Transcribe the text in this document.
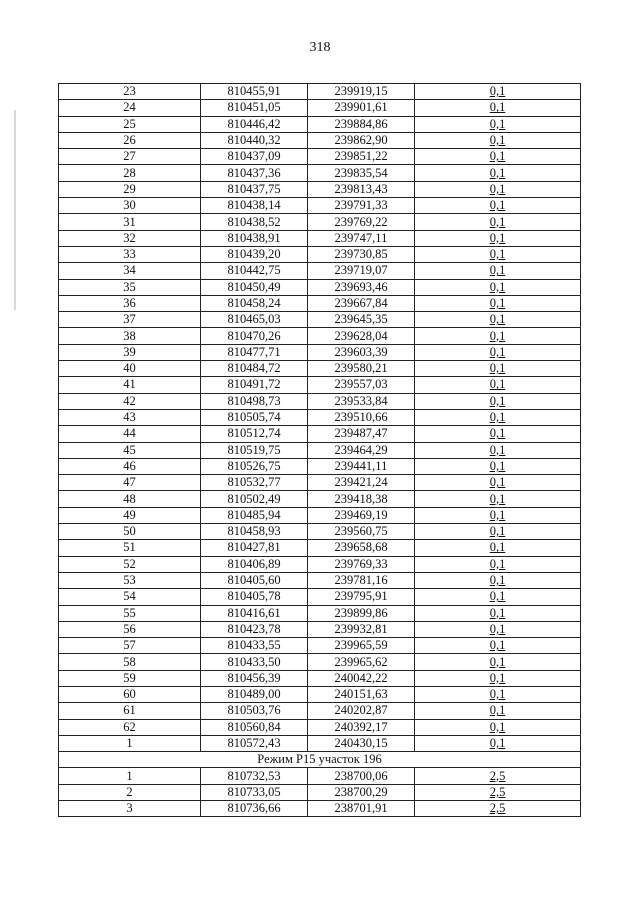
318
23	810455,91	239919,15	0,1
24	810451,05	239901,61	0,1
25	810446,42	239884,86	0,1
26	810440,32	239862,90	0,1
27	810437,09	239851,22	0,1
28	810437,36	239835,54	0,1
29	810437,75	239813,43	0,1
30	810438,14	239791,33	0,1
31	810438,52	239769,22	0,1
32	810438,91	239747,11	0,1
33	810439,20	239730,85	0,1
34	810442,75	239719,07	0,1
35	810450,49	239693,46	0,1
36	810458,24	239667,84	0,1
37	810465,03	239645,35	0,1
38	810470,26	239628,04	0,1
39	810477,71	239603,39	0,1
40	810484,72	239580,21	0,1
41	810491,72	239557,03	0,1
42	810498,73	239533,84	0,1
43	810505,74	239510,66	0,1
44	810512,74	239487,47	0,1
45	810519,75	239464,29	0,1
46	810526,75	239441,11	0,1
47	810532,77	239421,24	0,1
48	810502,49	239418,38	0,1
49	810485,94	239469,19	0,1
50	810458,93	239560,75	0,1
51	810427,81	239658,68	0,1
52	810406,89	239769,33	0,1
53	810405,60	239781,16	0,1
54	810405,78	239795,91	0,1
55	810416,61	239899,86	0,1
56	810423,78	239932,81	0,1
57	810433,55	239965,59	0,1
58	810433,50	239965,62	0,1
59	810456,39	240042,22	0,1
60	810489,00	240151,63	0,1
61	810503,76	240202,87	0,1
62	810560,84	240392,17	0,1
1	810572,43	240430,15	0,1
Режим Р15 участок 196			
1	810732,53	238700,06	2,5
2	810733,05	238700,29	2,5
3	810736,66	238701,91	2,5
